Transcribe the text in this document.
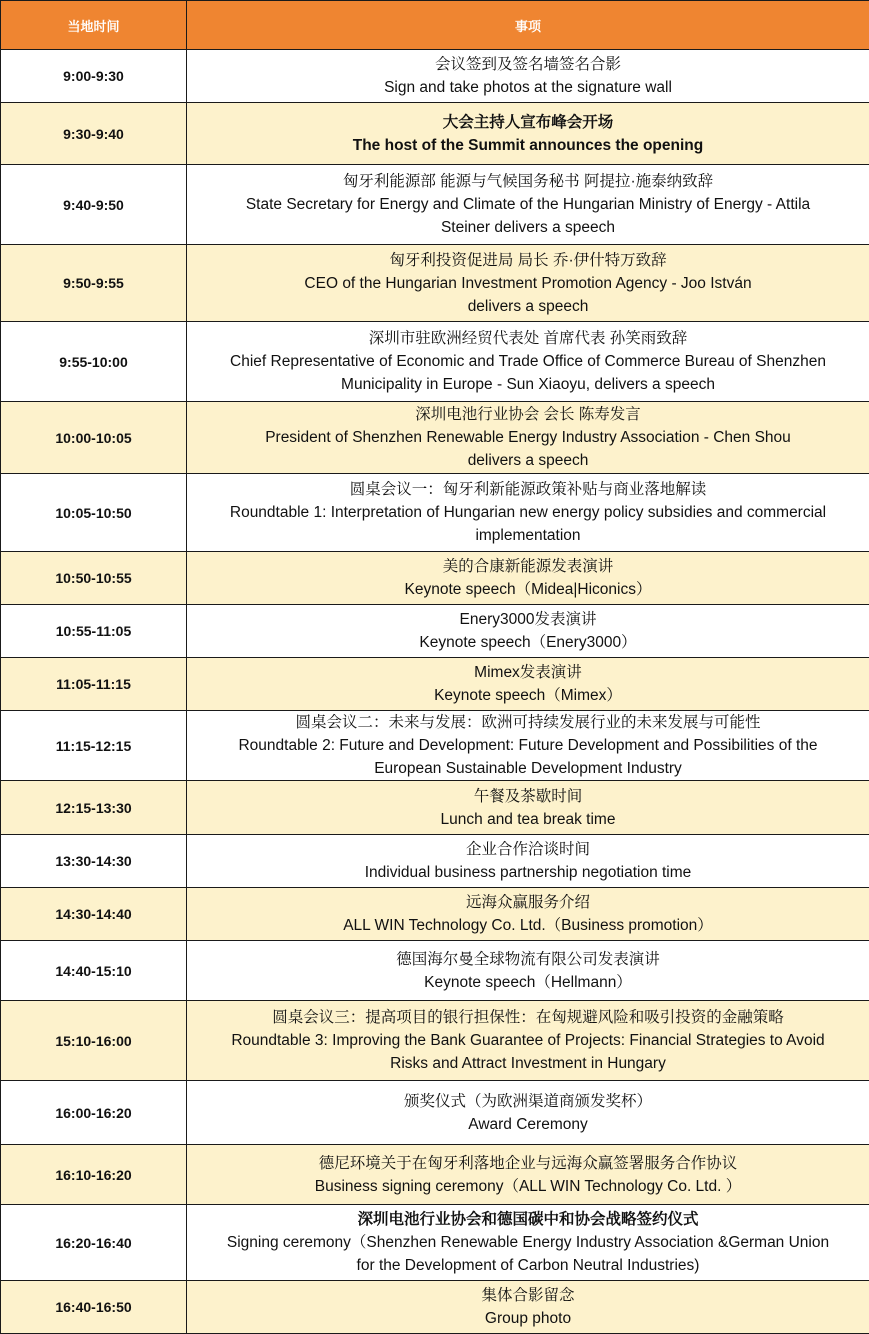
当地时间	事项
9:00-9:30	会议签到及签名墙签名合影
Sign and take photos at the signature wall

9:30-9:40	大会主持人宣布峰会开场
The host of the Summit announces the opening

9:40-9:50	匈牙利能源部 能源与气候国务秘书 阿提拉·施泰纳致辞
State Secretary for Energy and Climate of the Hungarian Ministry of Energy - Attila
Steiner delivers a speech

9:50-9:55	匈牙利投资促进局 局长 乔·伊什特万致辞
CEO of the Hungarian Investment Promotion Agency - Joo István
delivers a speech

9:55-10:00	深圳市驻欧洲经贸代表处 首席代表 孙笑雨致辞
Chief Representative of Economic and Trade Office of Commerce Bureau of Shenzhen
Municipality in Europe - Sun Xiaoyu, delivers a speech

10:00-10:05	深圳电池行业协会 会长 陈寿发言
President of Shenzhen Renewable Energy Industry Association - Chen Shou
delivers a speech

10:05-10:50	圆桌会议一：匈牙利新能源政策补贴与商业落地解读
Roundtable 1: Interpretation of Hungarian new energy policy subsidies and commercial
implementation

10:50-10:55	美的合康新能源发表演讲
Keynote speech（Midea|Hiconics）

10:55-11:05	Enery3000发表演讲
Keynote speech（Enery3000）

11:05-11:15	Mimex发表演讲
Keynote speech（Mimex）

11:15-12:15	圆桌会议二：未来与发展：欧洲可持续发展行业的未来发展与可能性
Roundtable 2: Future and Development: Future Development and Possibilities of the
European Sustainable Development Industry

12:15-13:30	午餐及茶歇时间
Lunch and tea break time

13:30-14:30	企业合作洽谈时间
Individual business partnership negotiation time

14:30-14:40	远海众赢服务介绍
ALL WIN Technology Co. Ltd.（Business promotion）

14:40-15:10	德国海尔曼全球物流有限公司发表演讲
Keynote speech（Hellmann）

15:10-16:00	圆桌会议三：提高项目的银行担保性：在匈规避风险和吸引投资的金融策略
Roundtable 3: Improving the Bank Guarantee of Projects: Financial Strategies to Avoid
Risks and Attract Investment in Hungary

16:00-16:20	颁奖仪式（为欧洲渠道商颁发奖杯）
Award Ceremony

16:10-16:20	德尼环境关于在匈牙利落地企业与远海众赢签署服务合作协议
Business signing ceremony（ALL WIN Technology Co. Ltd. ）

16:20-16:40	深圳电池行业协会和德国碳中和协会战略签约仪式
Signing ceremony（Shenzhen Renewable Energy Industry Association &German Union
for the Development of Carbon Neutral Industries)

16:40-16:50	集体合影留念
Group photo
